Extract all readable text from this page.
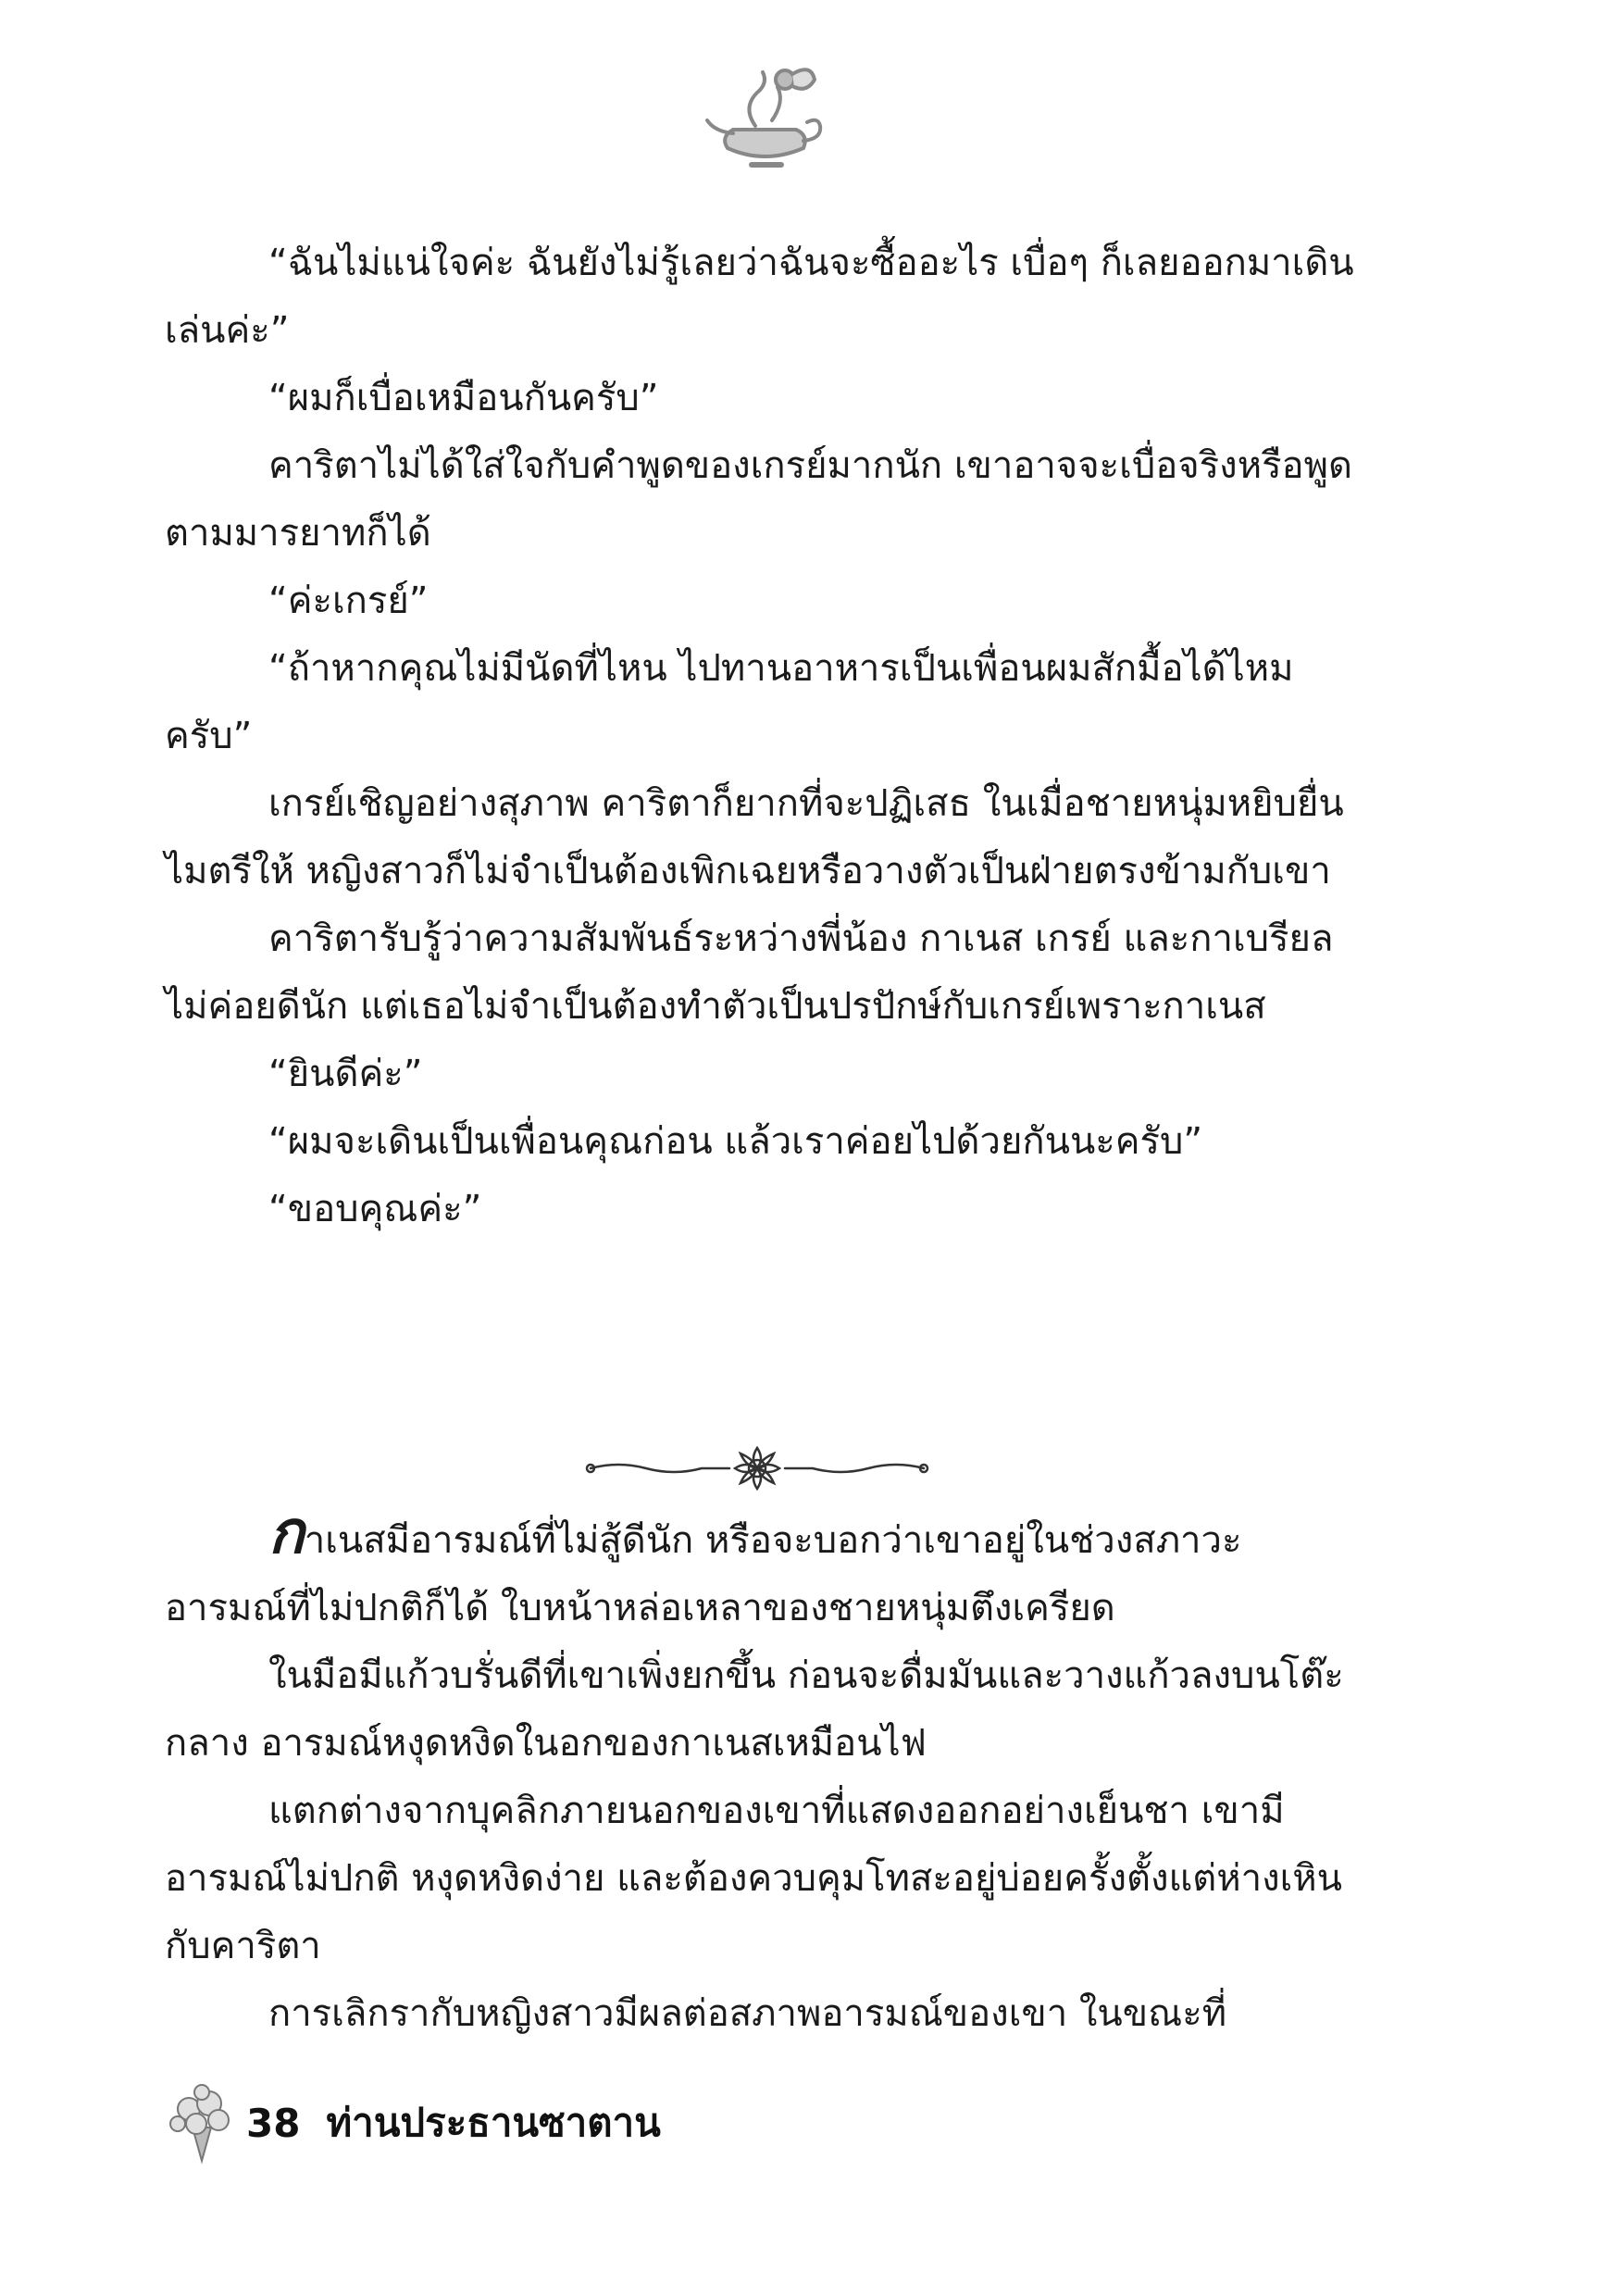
“ฉันไม่แน่ใจค่ะ ฉันยังไม่รู้เลยว่าฉันจะซื้ออะไร เบื่อๆ ก็เลยออกมาเดินเล่นค่ะ”

“ผมก็เบื่อเหมือนกันครับ”

คาริตาไม่ได้ใส่ใจกับคำพูดของเกรย์มากนัก เขาอาจจะเบื่อจริงหรือพูดตามมารยาทก็ได้

“ค่ะเกรย์”

“ถ้าหากคุณไม่มีนัดที่ไหน ไปทานอาหารเป็นเพื่อนผมสักมื้อได้ไหมครับ”

เกรย์เชิญอย่างสุภาพ คาริตาก็ยากที่จะปฏิเสธ ในเมื่อชายหนุ่มหยิบยื่นไมตรีให้ หญิงสาวก็ไม่จำเป็นต้องเพิกเฉยหรือวางตัวเป็นฝ่ายตรงข้ามกับเขา

คาริตารับรู้ว่าความสัมพันธ์ระหว่างพี่น้อง กาเนส เกรย์ และกาเบรียล ไม่ค่อยดีนัก แต่เธอไม่จำเป็นต้องทำตัวเป็นปรปักษ์กับเกรย์เพราะกาเนส

“ยินดีค่ะ”

“ผมจะเดินเป็นเพื่อนคุณก่อน แล้วเราค่อยไปด้วยกันนะครับ”

“ขอบคุณค่ะ”

กาเนสมีอารมณ์ที่ไม่สู้ดีนัก หรือจะบอกว่าเขาอยู่ในช่วงสภาวะอารมณ์ที่ไม่ปกติก็ได้ ใบหน้าหล่อเหลาของชายหนุ่มตึงเครียด

ในมือมีแก้วบรั่นดีที่เขาเพิ่งยกขึ้น ก่อนจะดื่มมันและวางแก้วลงบนโต๊ะกลาง อารมณ์หงุดหงิดในอกของกาเนสเหมือนไฟ

แตกต่างจากบุคลิกภายนอกของเขาที่แสดงออกอย่างเย็นชา เขามีอารมณ์ไม่ปกติ หงุดหงิดง่าย และต้องควบคุมโทสะอยู่บ่อยครั้งตั้งแต่ห่างเหินกับคาริตา

การเลิกรากับหญิงสาวมีผลต่อสภาพอารมณ์ของเขา ในขณะที่

38 ท่านประธานซาตาน
